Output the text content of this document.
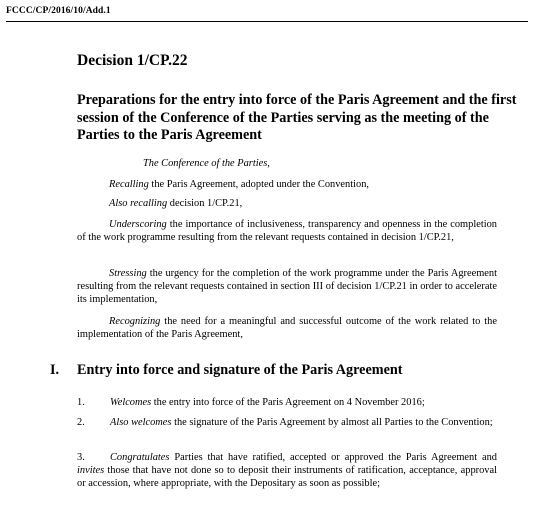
FCCC/CP/2016/10/Add.1
Decision 1/CP.22
Preparations for the entry into force of the Paris Agreement and the first session of the Conference of the Parties serving as the meeting of the Parties to the Paris Agreement
The Conference of the Parties,
Recalling the Paris Agreement, adopted under the Convention,
Also recalling decision 1/CP.21,
Underscoring the importance of inclusiveness, transparency and openness in the completion of the work programme resulting from the relevant requests contained in decision 1/CP.21,
Stressing the urgency for the completion of the work programme under the Paris Agreement resulting from the relevant requests contained in section III of decision 1/CP.21 in order to accelerate its implementation,
Recognizing the need for a meaningful and successful outcome of the work related to the implementation of the Paris Agreement,
I. Entry into force and signature of the Paris Agreement
1. Welcomes the entry into force of the Paris Agreement on 4 November 2016;
2. Also welcomes the signature of the Paris Agreement by almost all Parties to the Convention;
3. Congratulates Parties that have ratified, accepted or approved the Paris Agreement and invites those that have not done so to deposit their instruments of ratification, acceptance, approval or accession, where appropriate, with the Depositary as soon as possible;
